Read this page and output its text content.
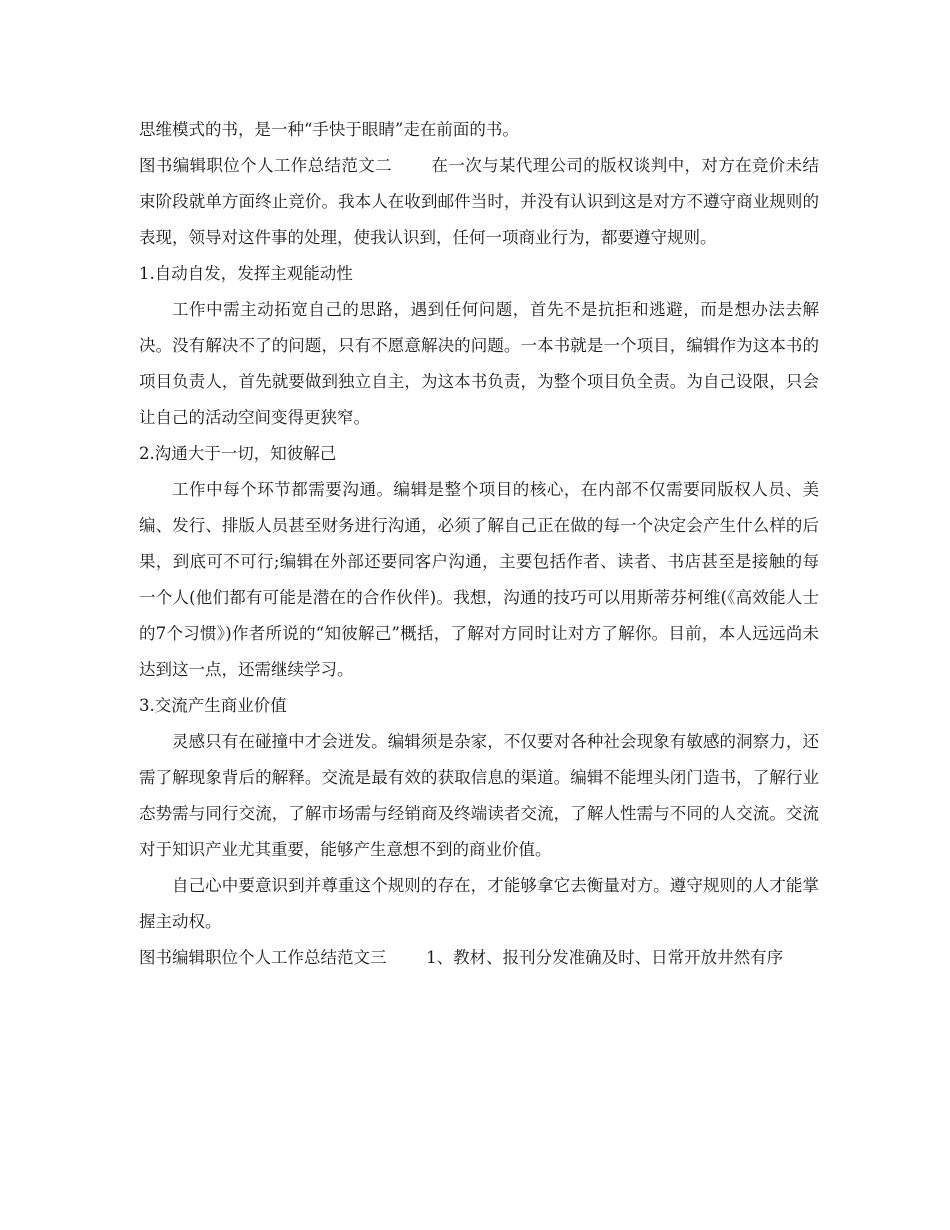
思维模式的书，是一种“手快于眼睛”走在前面的书。

图书编辑职位个人工作总结范文二 在一次与某代理公司的版权谈判中，对方在竞价未结束阶段就单方面终止竞价。我本人在收到邮件当时，并没有认识到这是对方不遵守商业规则的表现，领导对这件事的处理，使我认识到，任何一项商业行为，都要遵守规则。

1.自动自发，发挥主观能动性

工作中需主动拓宽自己的思路，遇到任何问题，首先不是抗拒和逃避，而是想办法去解决。没有解决不了的问题，只有不愿意解决的问题。一本书就是一个项目，编辑作为这本书的项目负责人，首先就要做到独立自主，为这本书负责，为整个项目负全责。为自己设限，只会让自己的活动空间变得更狭窄。

2.沟通大于一切，知彼解己

工作中每个环节都需要沟通。编辑是整个项目的核心，在内部不仅需要同版权人员、美编、发行、排版人员甚至财务进行沟通，必须了解自己正在做的每一个决定会产生什么样的后果，到底可不可行;编辑在外部还要同客户沟通，主要包括作者、读者、书店甚至是接触的每一个人(他们都有可能是潜在的合作伙伴)。我想，沟通的技巧可以用斯蒂芬柯维(《高效能人士的7个习惯》)作者所说的“知彼解己”概括，了解对方同时让对方了解你。目前，本人远远尚未达到这一点，还需继续学习。

3.交流产生商业价值

灵感只有在碰撞中才会迸发。编辑须是杂家，不仅要对各种社会现象有敏感的洞察力，还需了解现象背后的解释。交流是最有效的获取信息的渠道。编辑不能埋头闭门造书，了解行业态势需与同行交流，了解市场需与经销商及终端读者交流，了解人性需与不同的人交流。交流对于知识产业尤其重要，能够产生意想不到的商业价值。

自己心中要意识到并尊重这个规则的存在，才能够拿它去衡量对方。遵守规则的人才能掌握主动权。

图书编辑职位个人工作总结范文三 1、教材、报刊分发准确及时、日常开放井然有序
